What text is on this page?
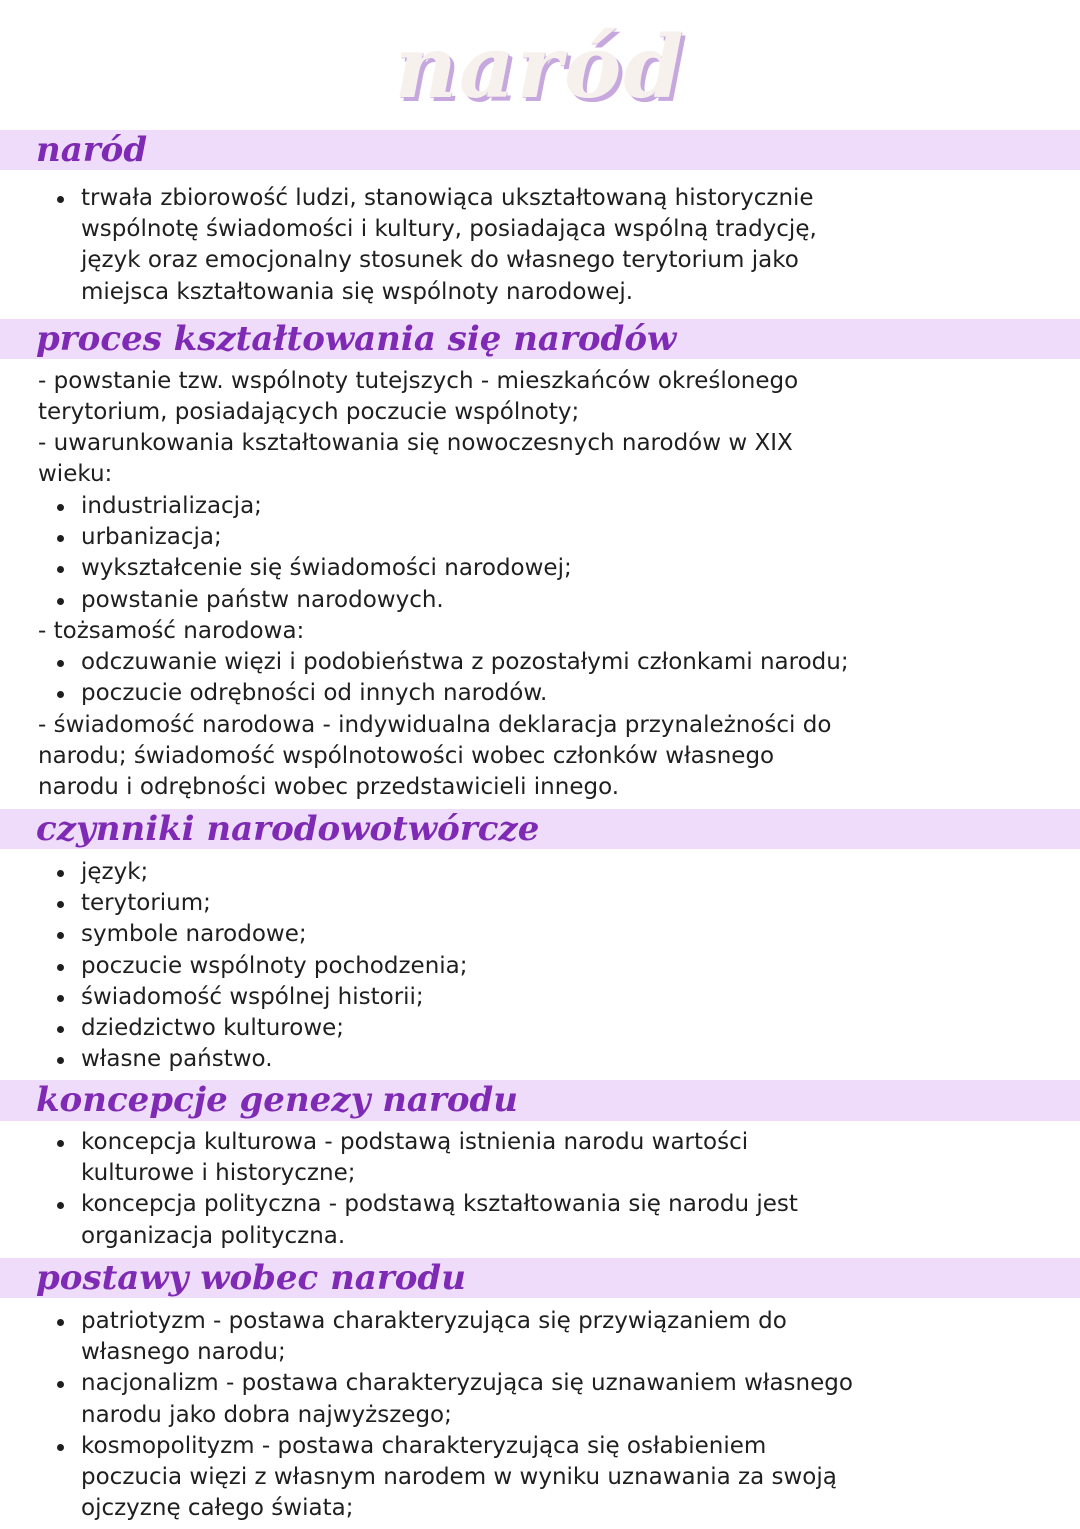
naród
naród
trwała zbiorowość ludzi, stanowiąca ukształtowaną historycznie
wspólnotę świadomości i kultury, posiadająca wspólną tradycję,
język oraz emocjonalny stosunek do własnego terytorium jako
miejsca kształtowania się wspólnoty narodowej.
proces kształtowania się narodów
- powstanie tzw. wspólnoty tutejszych - mieszkańców określonego
terytorium, posiadających poczucie wspólnoty;
- uwarunkowania kształtowania się nowoczesnych narodów w XIX
wieku:
industrializacja;
urbanizacja;
wykształcenie się świadomości narodowej;
powstanie państw narodowych.
- tożsamość narodowa:
odczuwanie więzi i podobieństwa z pozostałymi członkami narodu;
poczucie odrębności od innych narodów.
- świadomość narodowa - indywidualna deklaracja przynależności do
narodu; świadomość wspólnotowości wobec członków własnego
narodu i odrębności wobec przedstawicieli innego.
czynniki narodowotwórcze
język;
terytorium;
symbole narodowe;
poczucie wspólnoty pochodzenia;
świadomość wspólnej historii;
dziedzictwo kulturowe;
własne państwo.
koncepcje genezy narodu
koncepcja kulturowa - podstawą istnienia narodu wartości
kulturowe i historyczne;
koncepcja polityczna - podstawą kształtowania się narodu jest
organizacja polityczna.
postawy wobec narodu
patriotyzm - postawa charakteryzująca się przywiązaniem do
własnego narodu;
nacjonalizm - postawa charakteryzująca się uznawaniem własnego
narodu jako dobra najwyższego;
kosmopolityzm - postawa charakteryzująca się osłabieniem
poczucia więzi z własnym narodem w wyniku uznawania za swoją
ojczyznę całego świata;
